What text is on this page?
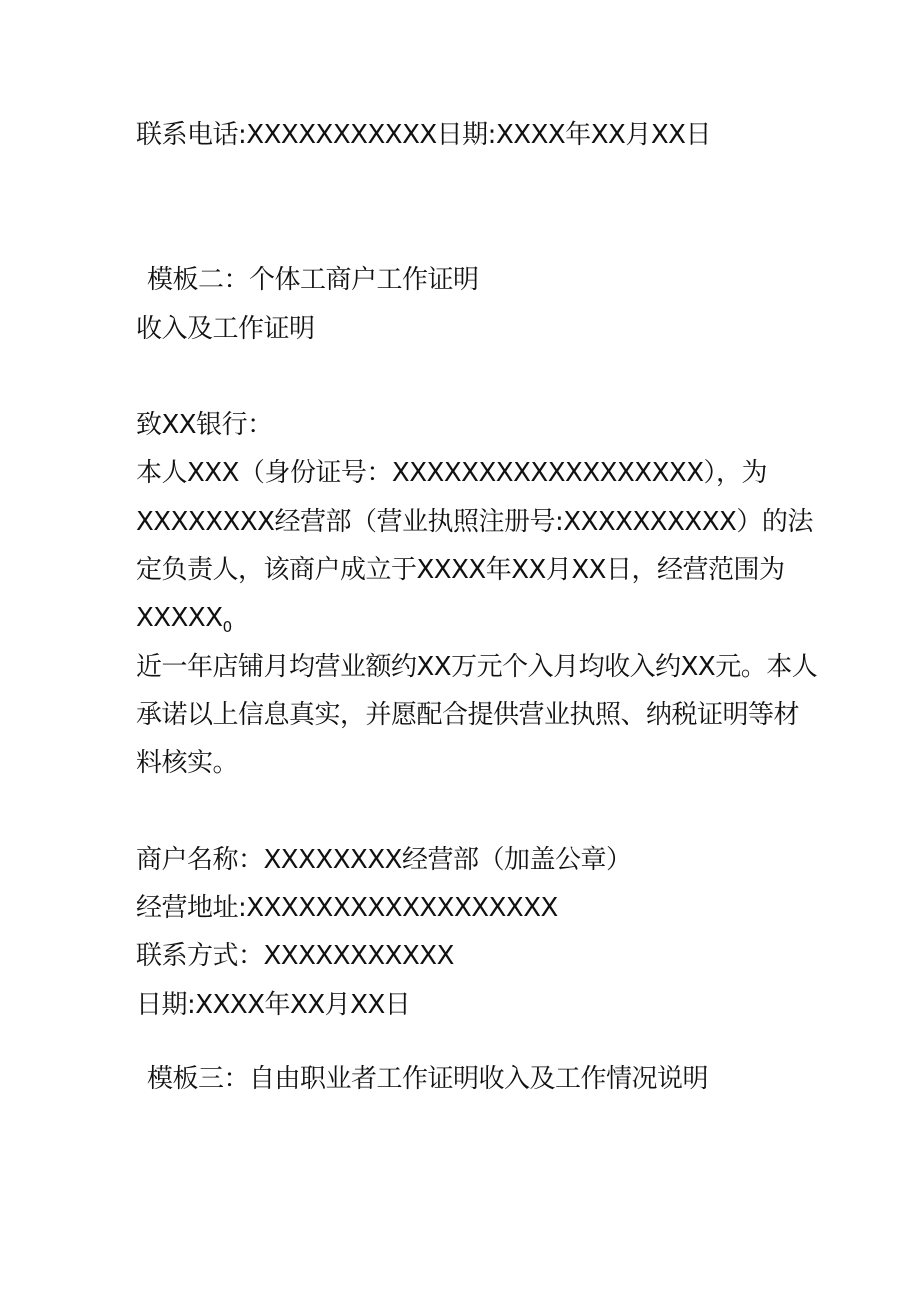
联系电话:XXXXXXXXXXX日期:XXXX年XX月XX日
模板二：个体工商户工作证明
收入及工作证明
致XX银行：
本人XXX（身份证号：XXXXXXXXXXXXXXXXXX），为
XXXXXXXX经营部（营业执照注册号:XXXXXXXXXX）的法
定负责人，该商户成立于XXXX年XX月XX日，经营范围为
$XXXXX_0$
近一年店铺月均营业额约XX万元个入月均收入约XX元。本人
承诺以上信息真实，并愿配合提供营业执照、纳税证明等材
料核实。
商户名称：XXXXXXXX经营部（加盖公章）
经营地址:XXXXXXXXXXXXXXXXXX
联系方式：XXXXXXXXXXX
日期:XXXX年XX月XX日
模板三：自由职业者工作证明收入及工作情况说明
